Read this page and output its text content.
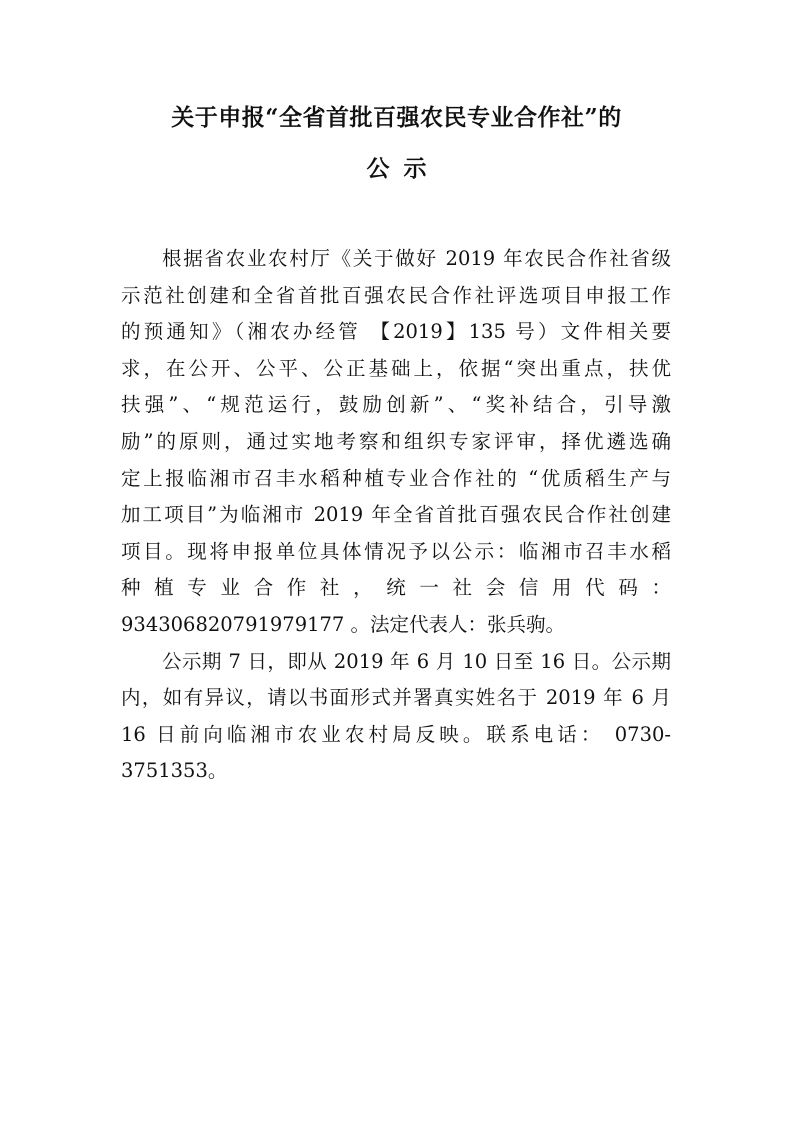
关于申报“全省首批百强农民专业合作社”的
公示
根据省农业农村厅《关于做好 2019 年农民合作社省级
示范社创建和全省首批百强农民合作社评选项目申报工作
的预通知》（湘农办经管 【2019】135 号）文件相关要
求，在公开、公平、公正基础上，依据“突出重点，扶优
扶强”、“规范运行，鼓励创新”、“奖补结合，引导激
励”的原则，通过实地考察和组织专家评审，择优遴选确
定上报临湘市召丰水稻种植专业合作社的 “优质稻生产与
加工项目”为临湘市 2019 年全省首批百强农民合作社创建
项目。现将申报单位具体情况予以公示：临湘市召丰水稻
种植专业合作社，统一社会信用代码：
934306820791979177 。法定代表人：张兵驹。
公示期 7 日，即从 2019 年 6 月 10 日至 16 日。公示期
内，如有异议，请以书面形式并署真实姓名于 2019 年 6 月
16 日前向临湘市农业农村局反映。联系电话： 0730-
3751353。
